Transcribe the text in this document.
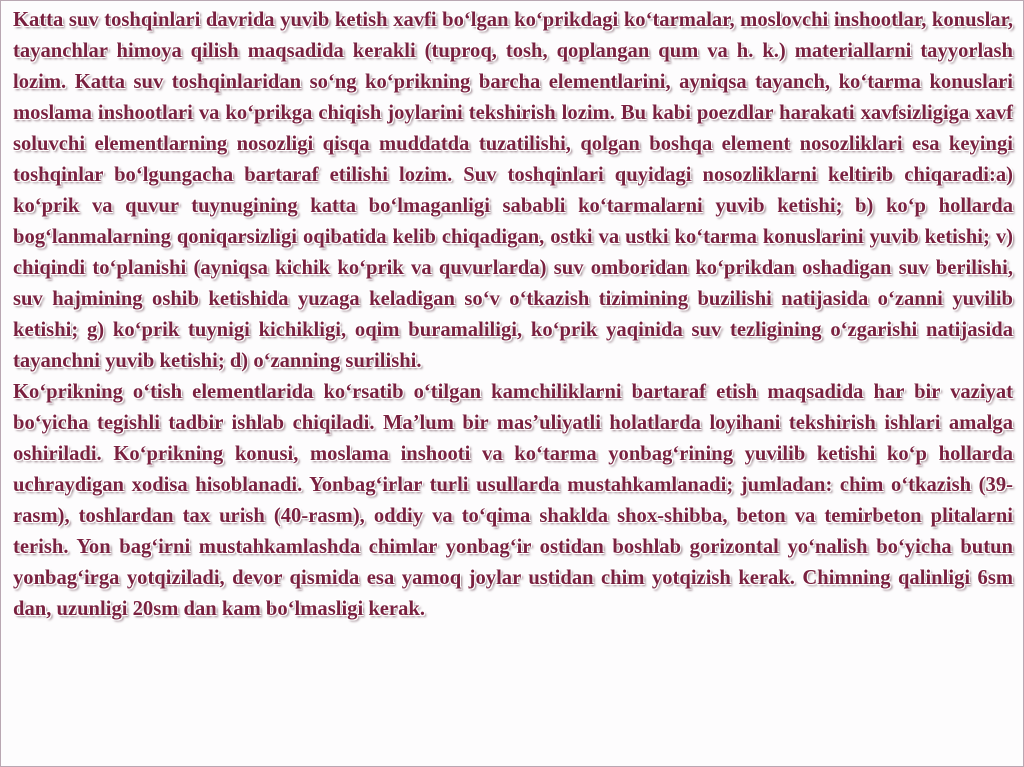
Katta suv toshqinlari davrida yuvib ketish xavfi bo‘lgan ko‘prikdagi ko‘tarmalar, moslovchi inshootlar, konuslar, tayanchlar himoya qilish maqsadida kerakli (tuproq, tosh, qoplangan qum va h. k.) materiallarni tayyorlash lozim. Katta suv toshqinlaridan so‘ng ko‘prikning barcha elementlarini, ayniqsa tayanch, ko‘tarma konuslari moslama inshootlari va ko‘prikga chiqish joylarini tekshirish lozim. Bu kabi poezdlar harakati xavfsizligiga xavf soluvchi elementlarning nosozligi qisqa muddatda tuzatilishi, qolgan boshqa element nosozliklari esa keyingi toshqinlar bo‘lgungacha bartaraf etilishi lozim. Suv toshqinlari quyidagi nosozliklarni keltirib chiqaradi:a) ko‘prik va quvur tuynugining katta bo‘lmaganligi sababli ko‘tarmalarni yuvib ketishi; b) ko‘p hollarda bog‘lanmalarning qoniqarsizligi oqibatida kelib chiqadigan, ostki va ustki ko‘tarma konuslarini yuvib ketishi; v) chiqindi to‘planishi (ayniqsa kichik ko‘prik va quvurlarda) suv omboridan ko‘prikdan oshadigan suv berilishi, suv hajmining oshib ketishida yuzaga keladigan so‘v o‘tkazish tizimining buzilishi natijasida o‘zanni yuvilib ketishi; g) ko‘prik tuynigi kichikligi, oqim buramaliligi, ko‘prik yaqinida suv tezligining o‘zgarishi natijasida tayanchni yuvib ketishi; d) o‘zanning surilishi.

Ko‘prikning o‘tish elementlarida ko‘rsatib o‘tilgan kamchiliklarni bartaraf etish maqsadida har bir vaziyat bo‘yicha tegishli tadbir ishlab chiqiladi. Ma’lum bir mas’uliyatli holatlarda loyihani tekshirish ishlari amalga oshiriladi. Ko‘prikning konusi, moslama inshooti va ko‘tarma yonbag‘rining yuvilib ketishi ko‘p hollarda uchraydigan xodisa hisoblanadi. Yonbag‘irlar turli usullarda mustahkamlanadi; jumladan: chim o‘tkazish (39-rasm), toshlardan tax urish (40-rasm), oddiy va to‘qima shaklda shox-shibba, beton va temirbeton plitalarni terish. Yon bag‘irni mustahkamlashda chimlar yonbag‘ir ostidan boshlab gorizontal yo‘nalish bo‘yicha butun yonbag‘irga yotqiziladi, devor qismida esa yamoq joylar ustidan chim yotqizish kerak. Chimning qalinligi 6sm dan, uzunligi 20sm dan kam bo‘lmasligi kerak.
